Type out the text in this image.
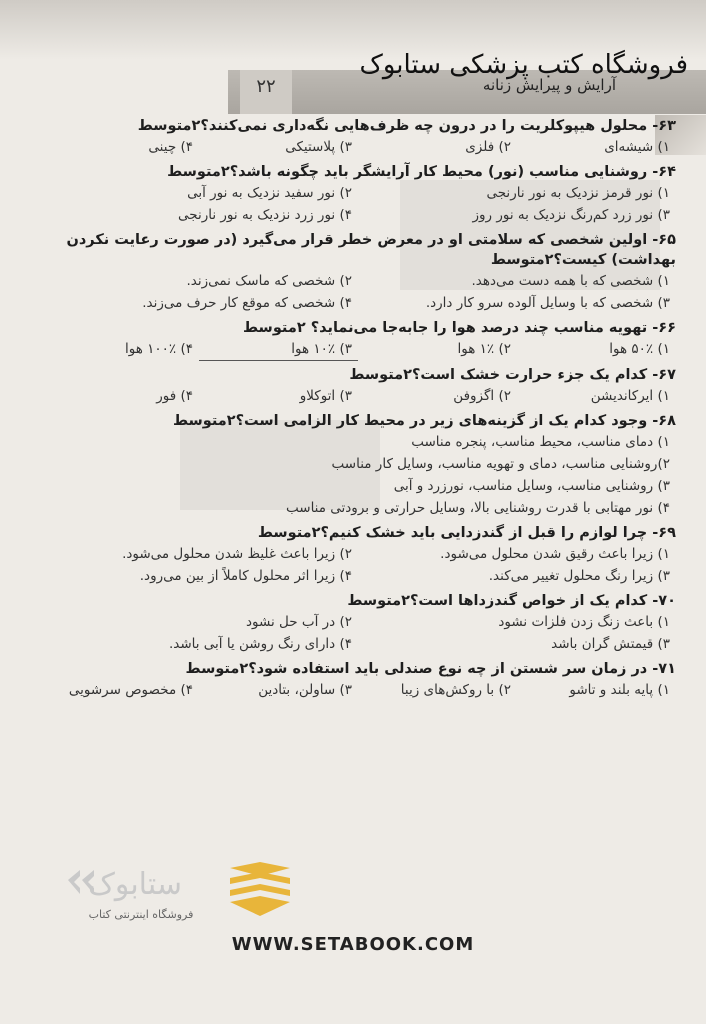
۲۲	آرایش و پیرایش زنانه
فروشگاه کتب پزشکی ستابوک
۶۳- محلول هیپوکلریت را در درون چه ظرف‌هایی نگه‌داری نمی‌کنند؟۲متوسط
۱) شیشه‌ای
۲) فلزی
۳) پلاستیکی
۴) چینی
۶۴- روشنایی مناسب (نور) محیط کار آرایشگر باید چگونه باشد؟۲متوسط
۱) نور قرمز نزدیک به نور نارنجی
۲) نور سفید نزدیک به نور آبی
۳) نور زرد کم‌رنگ نزدیک به نور روز
۴) نور زرد نزدیک به نور نارنجی
۶۵- اولین شخصی که سلامتی او در معرض خطر قرار می‌گیرد (در صورت رعایت نکردن بهداشت) کیست؟۲متوسط
۱) شخصی که با همه دست می‌دهد.
۲) شخصی که ماسک نمی‌زند.
۳) شخصی که با وسایل آلوده سرو کار دارد.
۴) شخصی که موقع کار حرف می‌زند.
۶۶- تهویه مناسب چند درصد هوا را جابه‌جا می‌نماید؟ ۲متوسط
۱) ۵۰٪ هوا
۲) ۱٪ هوا
۳) ۱۰٪ هوا
۴) ۱۰۰٪ هوا
۶۷- کدام یک جزء حرارت خشک است؟۲متوسط
۱) ایرکاندیشن
۲) اگزوفن
۳) اتوکلاو
۴) فور
۶۸- وجود کدام یک از گزینه‌های زیر در محیط کار الزامی است؟۲متوسط
۱) دمای مناسب، محیط مناسب، پنجره مناسب
۲)روشنایی مناسب، دمای و تهویه مناسب، وسایل کار مناسب
۳) روشنایی مناسب، وسایل مناسب، نورزرد و آبی
۴) نور مهتابی با قدرت روشنایی بالا، وسایل حرارتی و برودتی مناسب
۶۹- چرا لوازم را قبل از گندزدایی باید خشک کنیم؟۲متوسط
۱) زیرا باعث رقیق شدن محلول می‌شود.
۲) زیرا باعث غلیظ شدن محلول می‌شود.
۳) زیرا رنگ محلول تغییر می‌کند.
۴) زیرا اثر محلول کاملاً از بین می‌رود.
۷۰- کدام یک از خواص گندزداها است؟۲متوسط
۱) باعث زنگ زدن فلزات نشود
۲) در آب حل نشود
۳) قیمتش گران باشد
۴) دارای رنگ روشن یا آبی باشد.
۷۱- در زمان سر شستن از چه نوع صندلی باید استفاده شود؟۲متوسط
۱) پایه بلند و تاشو
۲) با روکش‌های زیبا
۳) ساولن، بتادین
۴) مخصوص سرشویی
ستابوک
فروشگاه اینترنتی کتاب
WWW.SETABOOK.COM
